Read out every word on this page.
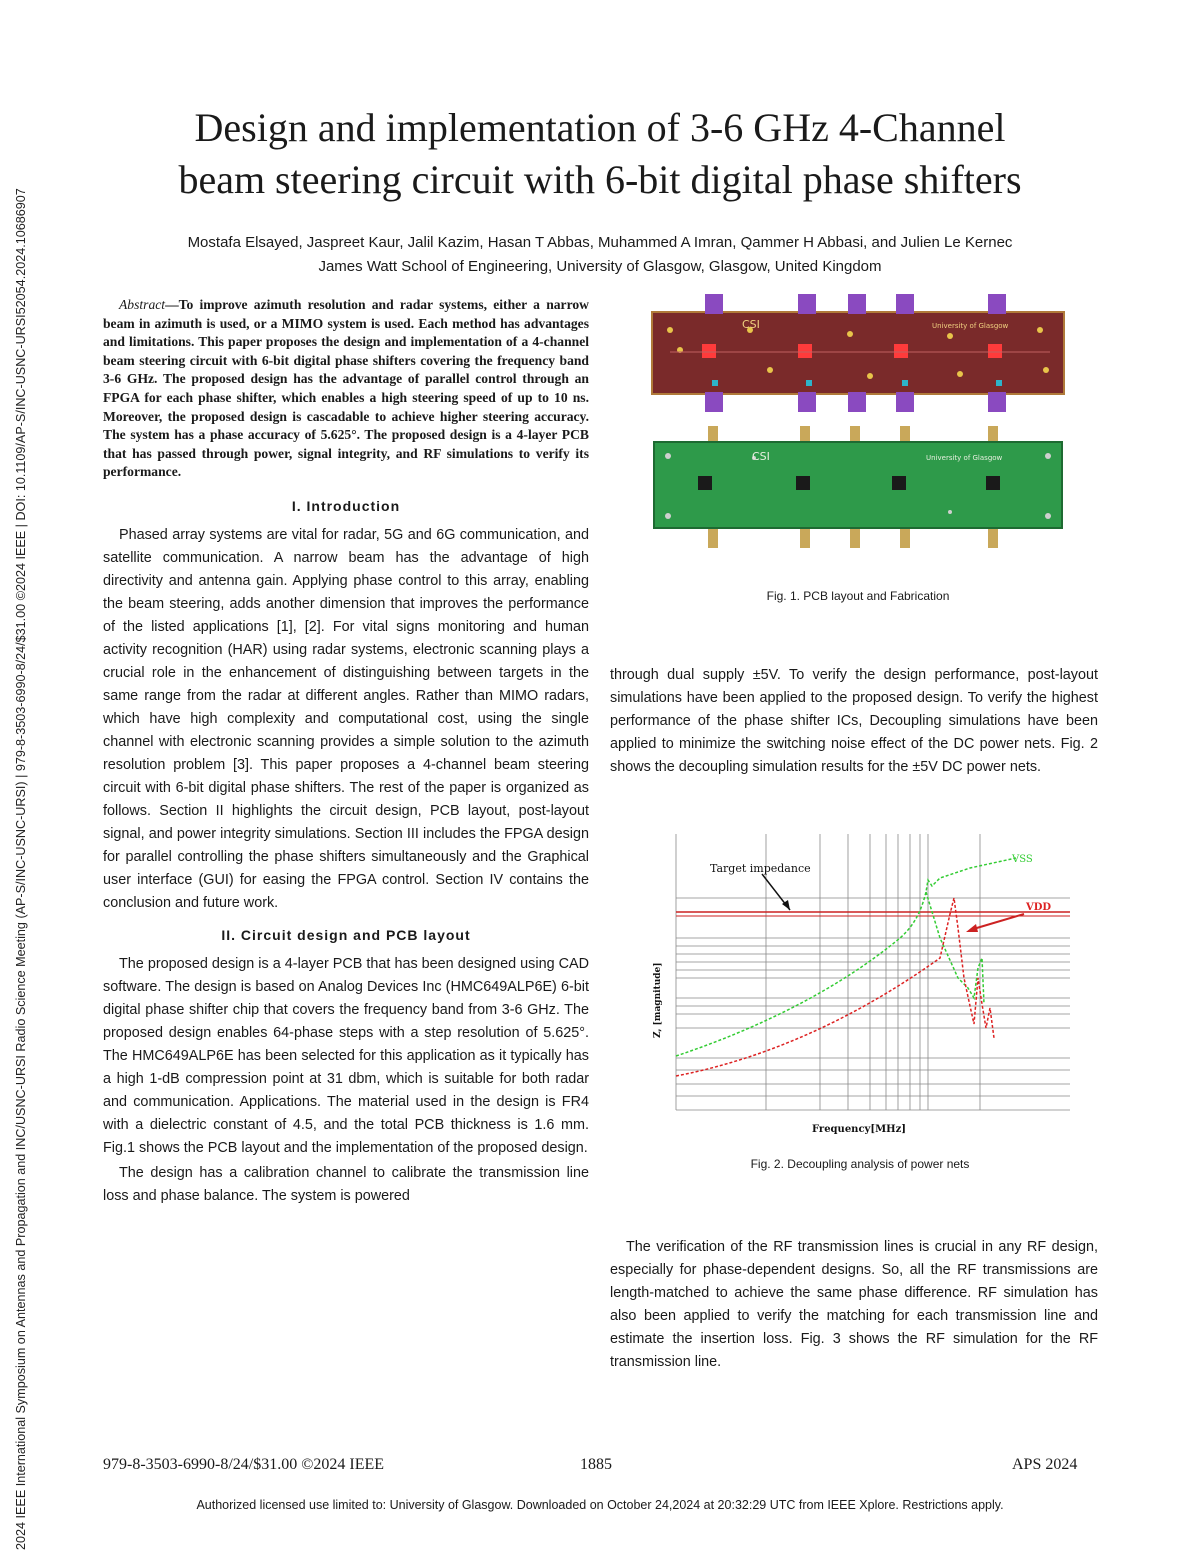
2024 IEEE International Symposium on Antennas and Propagation and INC/USNC-URSI Radio Science Meeting (AP-S/INC-USNC-URSI) | 979-8-3503-6990-8/24/$31.00 ©2024 IEEE | DOI: 10.1109/AP-S/INC-USNC-URSI52054.2024.10686907
Design and implementation of 3-6 GHz 4-Channel
beam steering circuit with 6-bit digital phase shifters
Mostafa Elsayed, Jaspreet Kaur, Jalil Kazim, Hasan T Abbas, Muhammed A Imran, Qammer H Abbasi, and Julien Le Kernec
James Watt School of Engineering, University of Glasgow, Glasgow, United Kingdom

Abstract—To improve azimuth resolution and radar systems, either a narrow beam in azimuth is used, or a MIMO system is used. Each method has advantages and limitations. This paper proposes the design and implementation of a 4-channel beam steering circuit with 6-bit digital phase shifters covering the frequency band 3-6 GHz. The proposed design has the advantage of parallel control through an FPGA for each phase shifter, which enables a high steering speed of up to 10 ns. Moreover, the proposed design is cascadable to achieve higher steering accuracy. The system has a phase accuracy of 5.625°. The proposed design is a 4-layer PCB that has passed through power, signal integrity, and RF simulations to verify its performance.

I. Introduction

Phased array systems are vital for radar, 5G and 6G communication, and satellite communication. A narrow beam has the advantage of high directivity and antenna gain. Applying phase control to this array, enabling the beam steering, adds another dimension that improves the performance of the listed applications [1], [2]. For vital signs monitoring and human activity recognition (HAR) using radar systems, electronic scanning plays a crucial role in the enhancement of distinguishing between targets in the same range from the radar at different angles. Rather than MIMO radars, which have high complexity and computational cost, using the single channel with electronic scanning provides a simple solution to the azimuth resolution problem [3]. This paper proposes a 4-channel beam steering circuit with 6-bit digital phase shifters. The rest of the paper is organized as follows. Section II highlights the circuit design, PCB layout, post-layout signal, and power integrity simulations. Section III includes the FPGA design for parallel controlling the phase shifters simultaneously and the Graphical user interface (GUI) for easing the FPGA control. Section IV contains the conclusion and future work.

II. Circuit design and PCB layout

The proposed design is a 4-layer PCB that has been designed using CAD software. The design is based on Analog Devices Inc (HMC649ALP6E) 6-bit digital phase shifter chip that covers the frequency band from 3-6 GHz. The proposed design enables 64-phase steps with a step resolution of 5.625°. The HMC649ALP6E has been selected for this application as it typically has a high 1-dB compression point at 31 dbm, which is suitable for both radar and communication. Applications. The material used in the design is FR4 with a dielectric constant of 4.5, and the total PCB thickness is 1.6 mm. Fig.1 shows the PCB layout and the implementation of the proposed design.

The design has a calibration channel to calibrate the transmission line loss and phase balance. The system is powered

CSI	University of Glasgow
CSI	University of Glasgow
Fig. 1. PCB layout and Fabrication

through dual supply ±5V. To verify the design performance, post-layout simulations have been applied to the proposed design. To verify the highest performance of the phase shifter ICs, Decoupling simulations have been applied to minimize the switching noise effect of the DC power nets. Fig. 2 shows the decoupling simulation results for the ±5V DC power nets.

Target impedance
VSS
VDD
Frequency[MHz]
Z, [magnitude]
Fig. 2. Decoupling analysis of power nets

The verification of the RF transmission lines is crucial in any RF design, especially for phase-dependent designs. So, all the RF transmissions are length-matched to achieve the same phase difference. RF simulation has also been applied to verify the matching for each transmission line and estimate the insertion loss. Fig. 3 shows the RF simulation for the RF transmission line.

979-8-3503-6990-8/24/$31.00 ©2024 IEEE	1885	APS 2024
Authorized licensed use limited to: University of Glasgow. Downloaded on October 24,2024 at 20:32:29 UTC from IEEE Xplore. Restrictions apply.
